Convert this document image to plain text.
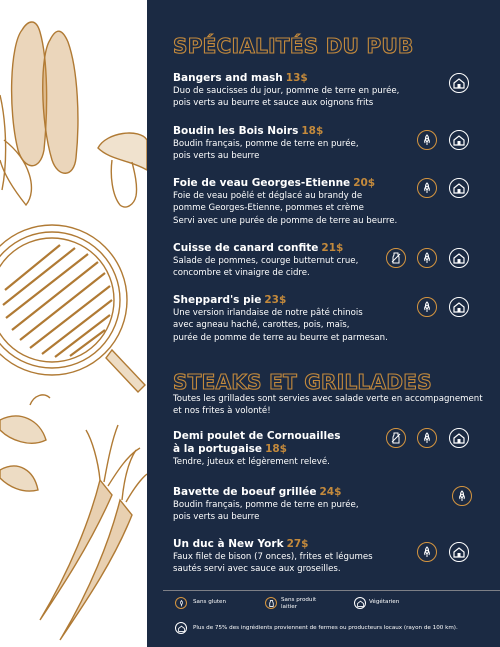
SPÉCIALITÉS DU PUB
Bangers and mash 13$
Duo de saucisses du jour, pomme de terre en purée,
pois verts au beurre et sauce aux oignons frits
Boudin les Bois Noirs 18$
Boudin français, pomme de terre en purée,
pois verts au beurre
Foie de veau Georges-Etienne 20$
Foie de veau poêlé et déglacé au brandy de
pomme Georges-Etienne, pommes et crème
Servi avec une purée de pomme de terre au beurre.
Cuisse de canard confite 21$
Salade de pommes, courge butternut crue,
concombre et vinaigre de cidre.
Sheppard's pie 23$
Une version irlandaise de notre pâté chinois
avec agneau haché, carottes, pois, maïs,
purée de pomme de terre au beurre et parmesan.
STEAKS ET GRILLADES
Toutes les grillades sont servies avec salade verte en accompagnement
et nos frites à volonté!
Demi poulet de Cornouailles
à la portugaise 18$
Tendre, juteux et légèrement relevé.
Bavette de boeuf grillée 24$
Boudin français, pomme de terre en purée,
pois verts au beurre
Un duc à New York 27$
Faux filet de bison (7 onces), frites et légumes
sautés servi avec sauce aux groseilles.
Sans gluten	Sans produit
laitier
Végétarien
Plus de 75% des ingrédients proviennent de fermes ou producteurs locaux (rayon de 100 km).
